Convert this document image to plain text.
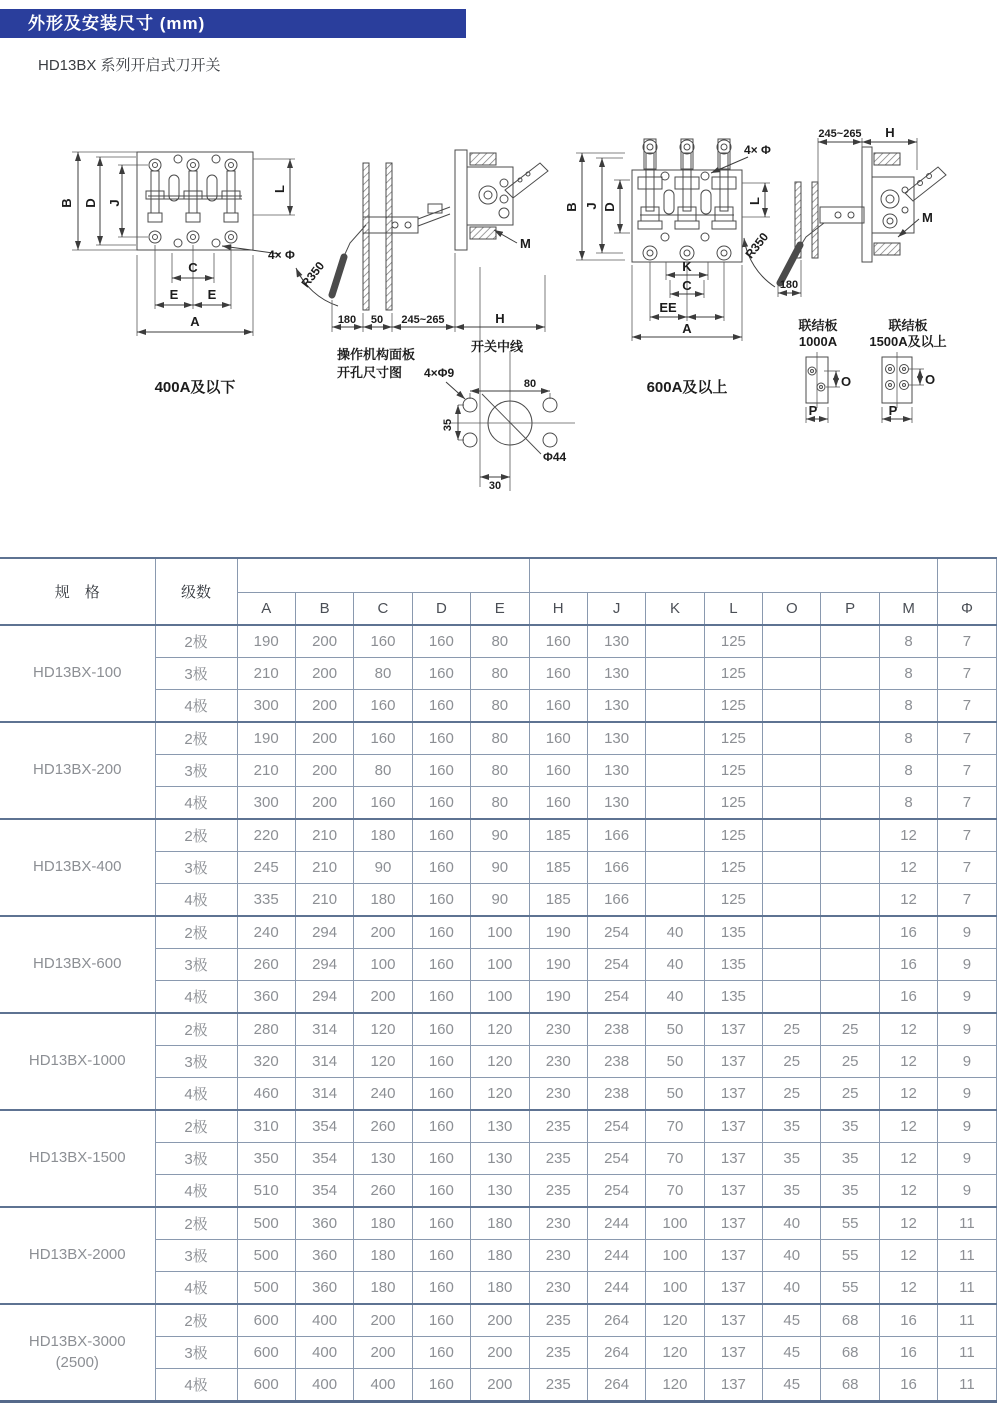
外形及安装尺寸 (mm)
HD13BX 系列开启式刀开关
B D J
L
C
E E
A
4× Φ
400A及以下
180 50 245~265	H
M
R350
操作机构面板
开孔尺寸图
开关中线
4×Φ9
80
35
30
Φ44
B J D
L
4× Φ
K
C
EE
A
600A及以上
245~265 H
M
R350
180
联结板
1000A
联结板
1500A及以上
O
P
O
P
规　格	级数													
		A	B	C	D	E	H	J	K	L	O	P	M	Φ

HD13BX-100	2极	190	200	160	160	80	160	130		125			8	7
	3极	210	200	80	160	80	160	130		125			8	7
	4极	300	200	160	160	80	160	130		125			8	7

HD13BX-200	2极	190	200	160	160	80	160	130		125			8	7
	3极	210	200	80	160	80	160	130		125			8	7
	4极	300	200	160	160	80	160	130		125			8	7

HD13BX-400	2极	220	210	180	160	90	185	166		125			12	7
	3极	245	210	90	160	90	185	166		125			12	7
	4极	335	210	180	160	90	185	166		125			12	7

HD13BX-600	2极	240	294	200	160	100	190	254	40	135			16	9
	3极	260	294	100	160	100	190	254	40	135			16	9
	4极	360	294	200	160	100	190	254	40	135			16	9

HD13BX-1000	2极	280	314	120	160	120	230	238	50	137	25	25	12	9
	3极	320	314	120	160	120	230	238	50	137	25	25	12	9
	4极	460	314	240	160	120	230	238	50	137	25	25	12	9

HD13BX-1500	2极	310	354	260	160	130	235	254	70	137	35	35	12	9
	3极	350	354	130	160	130	235	254	70	137	35	35	12	9
	4极	510	354	260	160	130	235	254	70	137	35	35	12	9

HD13BX-2000	2极	500	360	180	160	180	230	244	100	137	40	55	12	11
	3极	500	360	180	160	180	230	244	100	137	40	55	12	11
	4极	500	360	180	160	180	230	244	100	137	40	55	12	11

HD13BX-3000
(2500)	2极	600	400	200	160	200	235	264	120	137	45	68	16	11
	3极	600	400	200	160	200	235	264	120	137	45	68	16	11
	4极	600	400	400	160	200	235	264	120	137	45	68	16	11
